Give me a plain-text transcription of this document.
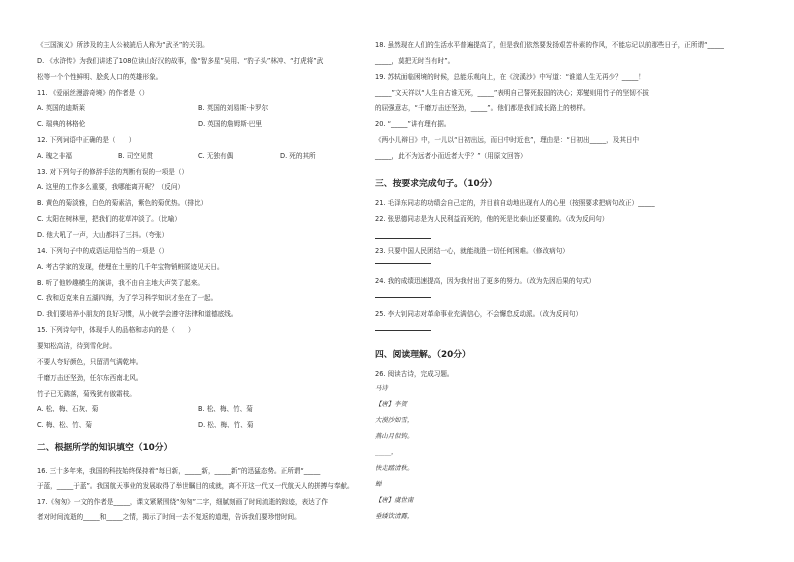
《三国演义》所涉及的主人公被読后人称为“武圣”的关羽。
D. 《水浒传》为我们讲述了108位读山好汉的故事，像“智多星”吴用、“豹子头”林冲、“打虎将”武
松等一个个性鲜明、脍炙人口的英雄形象。
11. 《爱丽丝漫游奇境》的作者是（）
A. 英国的迪斯莱	B. 英国的刘易斯·卡罗尔
C. 瑞典的林格伦	D. 英国的詹姆斯·巴里
12. 下列词语中正确的是（　　）
A. 瑰之非福	B. 司空见贯	C. 无独有偶	D. 死的其所
13. 对下列句子的修辞手法的判断有误的一项是（）
A. 这里的工作多么重要，我哪能离开呢？（反问）
B. 黄色的菊淡雅，白色的菊素洁，紫色的菊优热。（排比）
C. 太阳在树林里，把我们的花草冲淡了。（比喻）
D. 他大吼了一声，大山都抖了三抖。（夸张）
14. 下列句子中的成语运用恰当的一项是（）
A. 考古学家的发现，使埋在土里的几千年宝物销赃匿迹见天日。
B. 听了他妙趣横生的演讲，我不由自主地大声笑了起来。
C. 我和迈克来自五湖四海，为了学习科学知识才坐在了一起。
D. 我们要培养小朋友的良好习惯，从小就学会遵守法律和道德底线。
15. 下列诗句中，体现手人的品格和志向的是（　　）
要知松高洁，待到雪化时。
不要人夸好颜色，只留清气满乾坤。
千磨万击还坚劲，任尔东西南北风。
竹子已无鹞落，菊残犹有傲霜枝。
A. 松、梅、石灰、菊	B. 松、梅、竹、菊
C. 梅、松、竹、菊	D. 松、梅、竹、菊
二、根据所学的知识填空（10分）
16. 三十多年来，我国的科技始终保持着“每日新，_____新，_____新”的迅猛态势。正所谓“_____
于蓝，_____于蓝”。我国航天事业的发展取得了举世瞩目的成就，离不开这一代又一代航天人的拼搏与奉献。
17.《匆匆》一文的作者是_____，课文紧紧围绕“匆匆”二字，细腻刻画了时间流逝的踪迹，表达了作
者对时间流逝的_____和_____之情，揭示了时间一去不复返的道理，告诉我们要珍惜时间。
18. 虽然现在人们的生活水平普遍提高了，但是我们依然要发扬艰苦朴素的作风，不能忘记以前那些日子，正所谓“_____
_____，莫把无时当有时”。
19. 苏轼面临困境的时候，总能乐观向上，在《浣溪沙》中写道：“谁道人生无再少？_____！
_____”文天祥以“人生自古谁无死，_____”表明自己誓死报国的决心；郑燮则用竹子的坚韧不拔
的屈强意志，“千磨万击还坚劲，_____”。他们都是我们成长路上的榜样。
20. “_____”讲有理有据。
《两小儿辩日》中，一儿以“日初出远，而日中时近也”，理由是：“日初出_____，及其日中
_____，此不为远者小而近者大乎？”（用原文回答）
三、按要求完成句子。（10分）
21. 毛泽东同志的功绩会自己定的，并目前自动地出现有人的心里（按照要求把病句改正）_____
22. 张思德同志是为人民利益而死的，他的死是比泰山还要重的。（改为反问句）
23. 只要中国人民团结一心，就能战胜一切任何困难。（修改病句）
24. 我的成绩迅速提高，因为我付出了更多的努力。（改为先因后果的句式）
25. 李大钊同志对革命事业充满信心，不会懈怠反动派。（改为反问句）
四、阅读理解。（20分）
26. 阅读古诗，完成习题。
马诗
【唐】李贺
大漠沙如雪，
燕山月似钩。
_____，
快走踏清秋。
蝉
【唐】虞世南
垂緌饮清露，
